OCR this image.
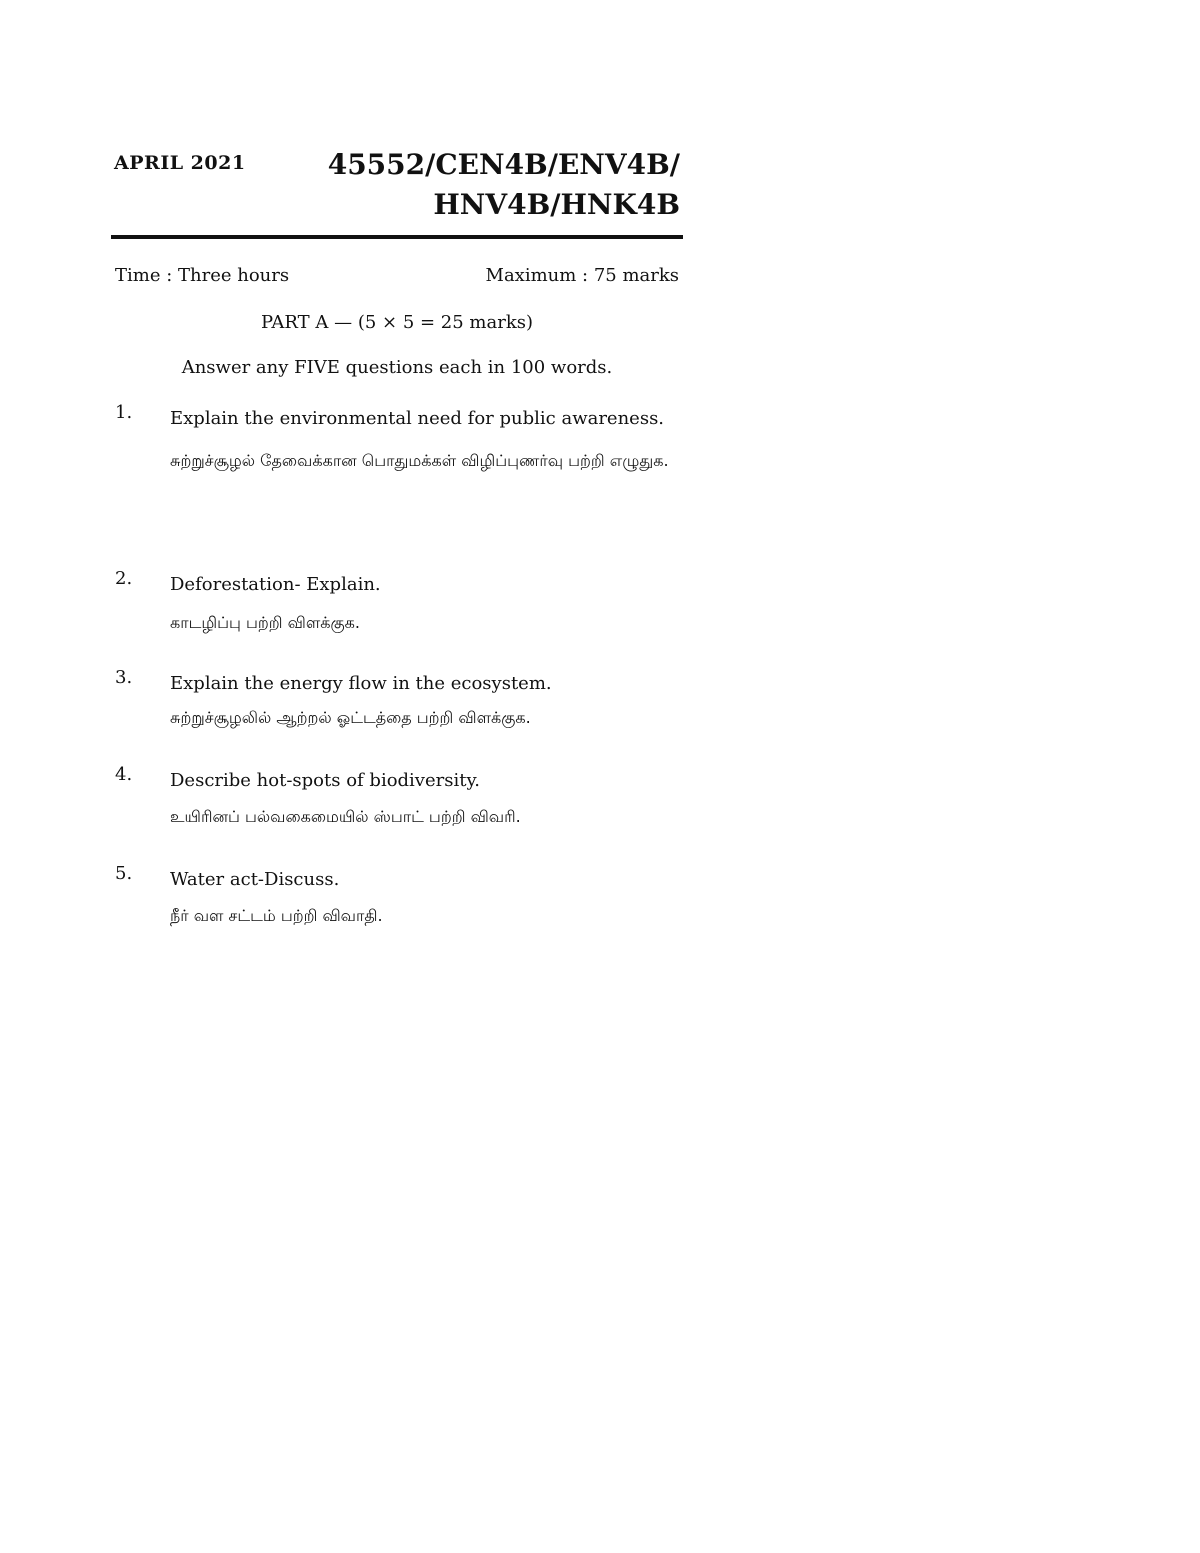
APRIL 2021	45552/CEN4B/ENV4B/
HNV4B/HNK4B
Time : Three hours	Maximum : 75 marks
PART A — (5 × 5 = 25 marks)
Answer any FIVE questions each in 100 words.
1. Explain the environmental need for public awareness.

சுற்றுச்சூழல் தேவைக்கான பொதுமக்கள் விழிப்புணர்வு பற்றி எழுதுக.

2. Deforestation- Explain.

காடழிப்பு பற்றி விளக்குக.

3. Explain the energy flow in the ecosystem.

சுற்றுச்சூழலில் ஆற்றல் ஓட்டத்தை பற்றி விளக்குக.

4. Describe hot-spots of biodiversity.

உயிரினப் பல்வகைமையில் ஸ்பாட் பற்றி விவரி.

5. Water act-Discuss.

நீர் வள சட்டம் பற்றி விவாதி.
